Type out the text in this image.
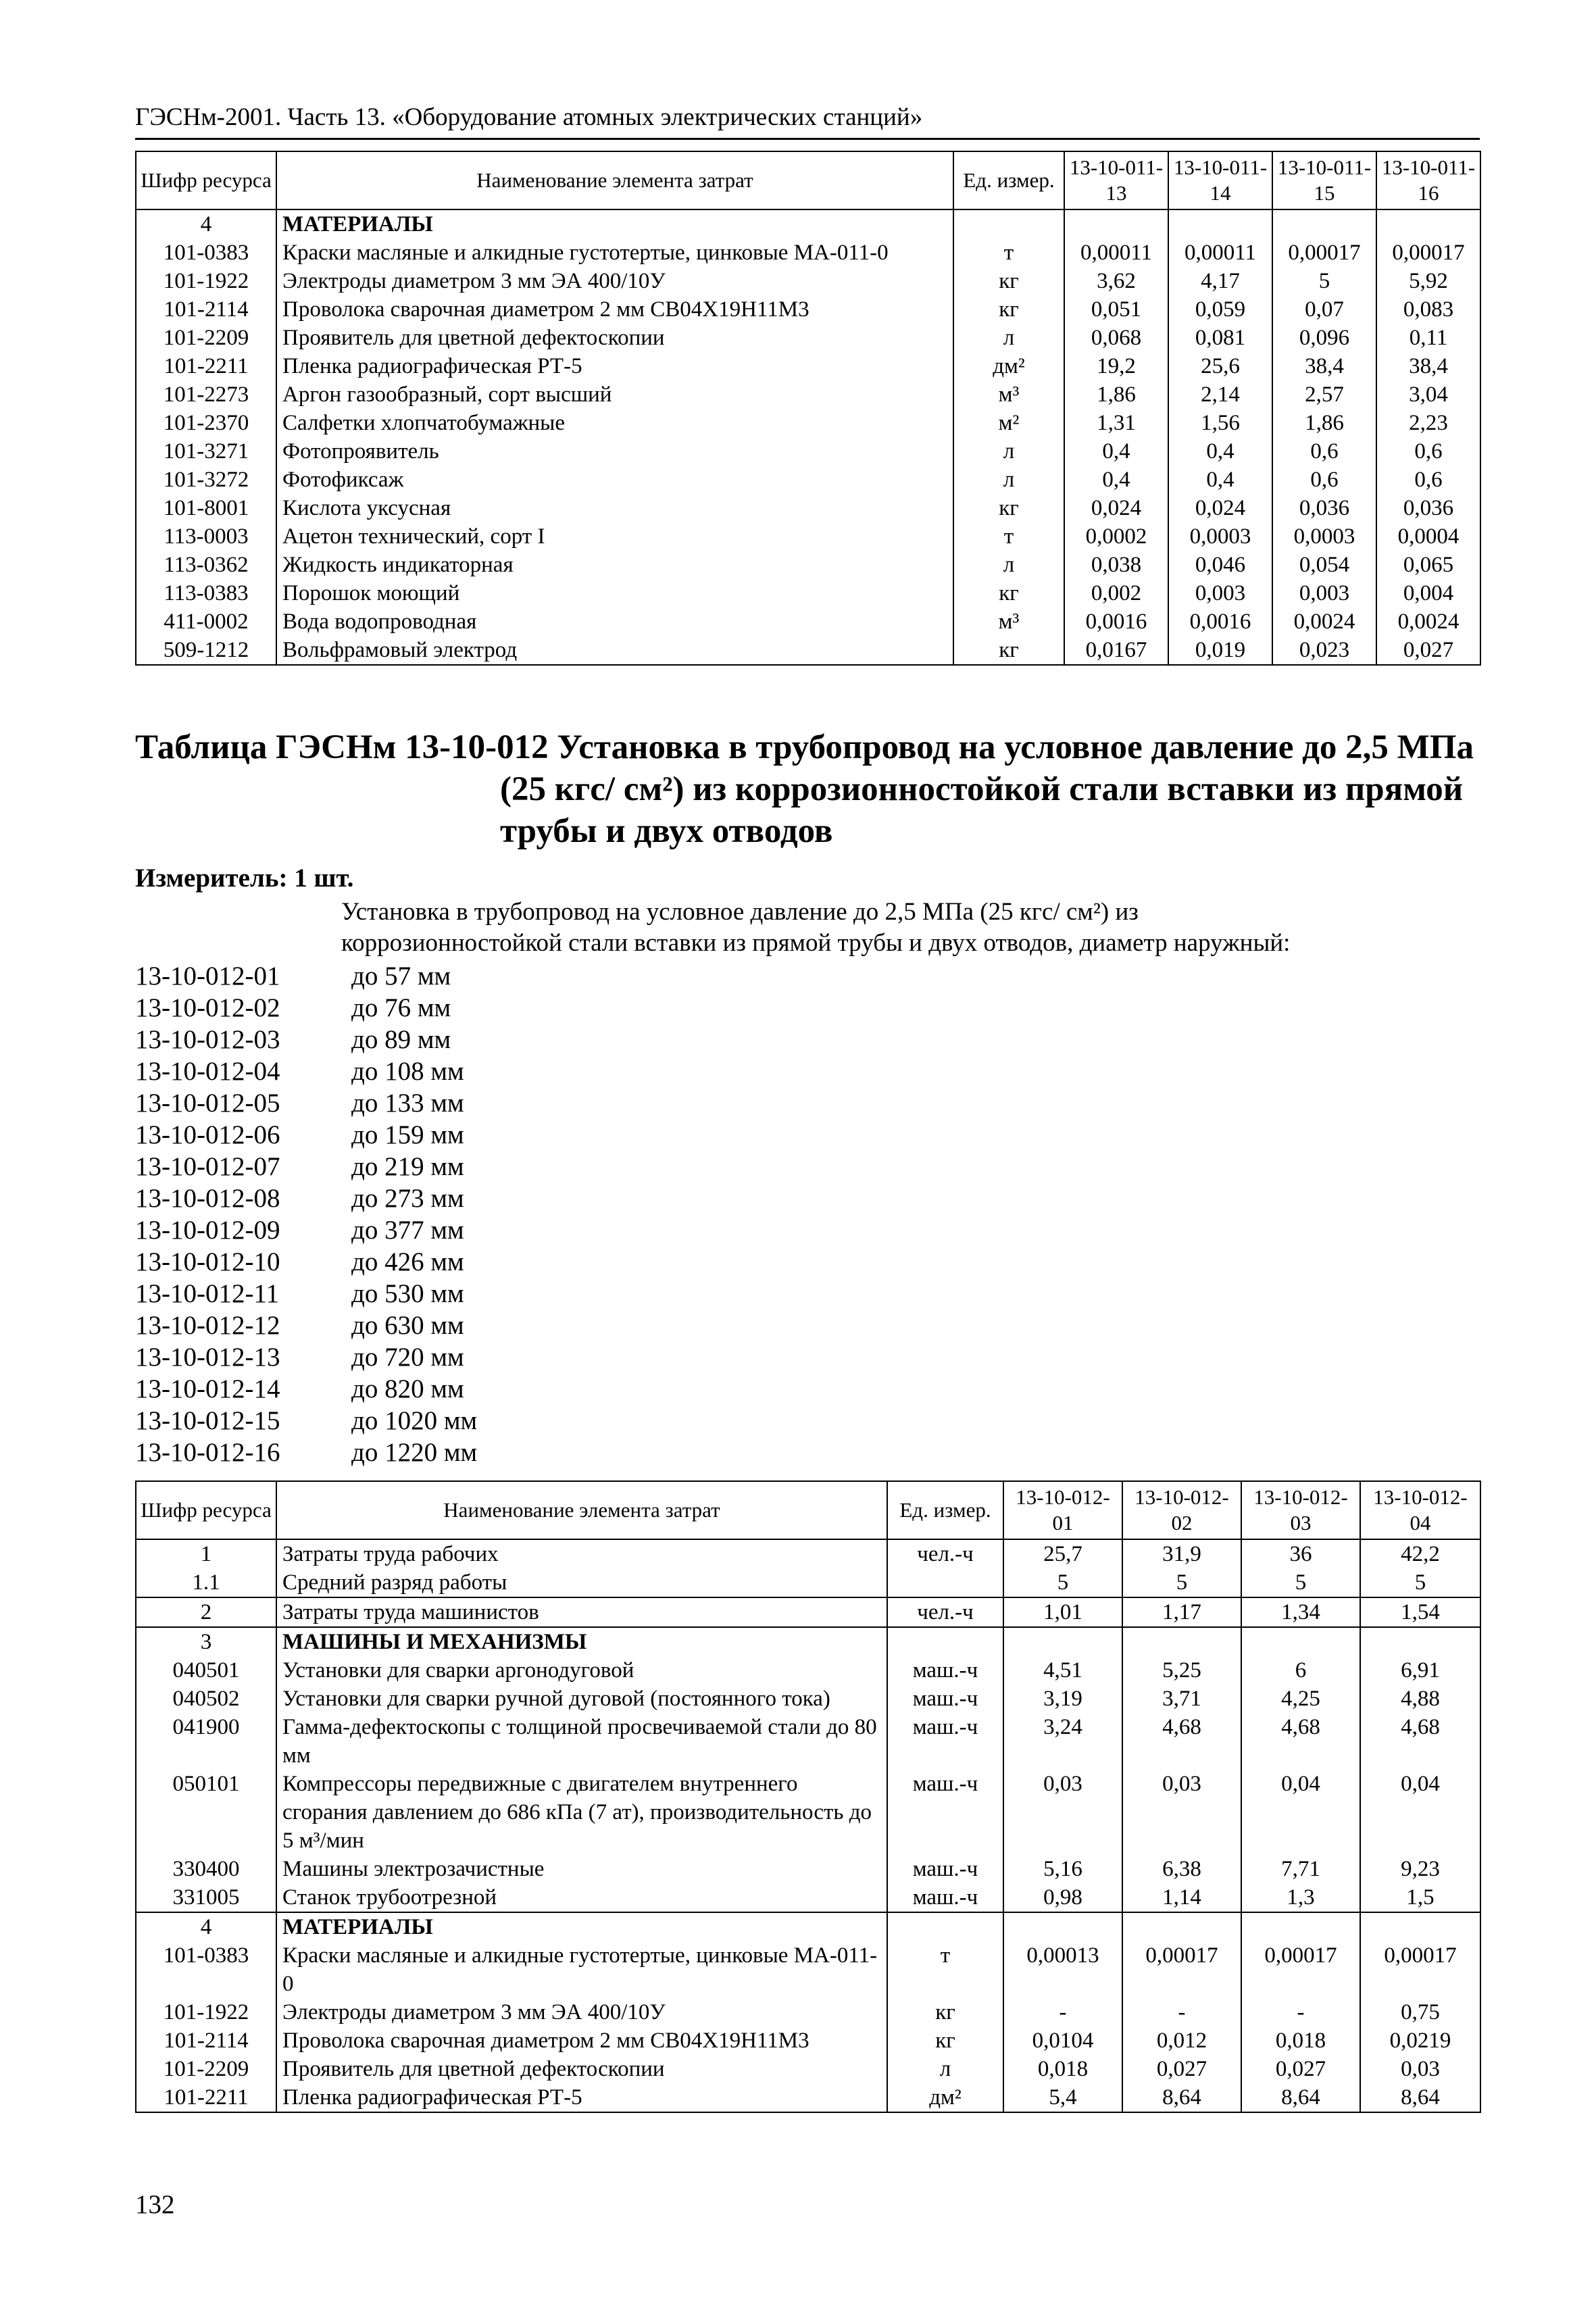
ГЭСНм-2001. Часть 13. «Оборудование атомных электрических станций»
Шифр ресурса	Наименование элемента затрат	Ед. измер.	13-10-011-13	13-10-011-14	13-10-011-15	13-10-011-16
4	МАТЕРИАЛЫ					
101-0383	Краски масляные и алкидные густотертые, цинковые МА-011-0	т	0,00011	0,00011	0,00017	0,00017
101-1922	Электроды диаметром 3 мм ЭА 400/10У	кг	3,62	4,17	5	5,92
101-2114	Проволока сварочная диаметром 2 мм СВ04Х19Н11М3	кг	0,051	0,059	0,07	0,083
101-2209	Проявитель для цветной дефектоскопии	л	0,068	0,081	0,096	0,11
101-2211	Пленка радиографическая РТ-5	дм²	19,2	25,6	38,4	38,4
101-2273	Аргон газообразный, сорт высший	м³	1,86	2,14	2,57	3,04
101-2370	Салфетки хлопчатобумажные	м²	1,31	1,56	1,86	2,23
101-3271	Фотопроявитель	л	0,4	0,4	0,6	0,6
101-3272	Фотофиксаж	л	0,4	0,4	0,6	0,6
101-8001	Кислота уксусная	кг	0,024	0,024	0,036	0,036
113-0003	Ацетон технический, сорт I	т	0,0002	0,0003	0,0003	0,0004
113-0362	Жидкость индикаторная	л	0,038	0,046	0,054	0,065
113-0383	Порошок моющий	кг	0,002	0,003	0,003	0,004
411-0002	Вода водопроводная	м³	0,0016	0,0016	0,0024	0,0024
509-1212	Вольфрамовый электрод	кг	0,0167	0,019	0,023	0,027
Таблица ГЭСНм 13-10-012 Установка в трубопровод на условное давление до 2,5 МПа
(25 кгс/ см²) из коррозионностойкой стали вставки из прямой
трубы и двух отводов
Измеритель: 1 шт.
Установка в трубопровод на условное давление до 2,5 МПа (25 кгс/ см²) из
коррозионностойкой стали вставки из прямой трубы и двух отводов, диаметр наружный:
13-10-012-01	до 57 мм
13-10-012-02	до 76 мм
13-10-012-03	до 89 мм
13-10-012-04	до 108 мм
13-10-012-05	до 133 мм
13-10-012-06	до 159 мм
13-10-012-07	до 219 мм
13-10-012-08	до 273 мм
13-10-012-09	до 377 мм
13-10-012-10	до 426 мм
13-10-012-11	до 530 мм
13-10-012-12	до 630 мм
13-10-012-13	до 720 мм
13-10-012-14	до 820 мм
13-10-012-15	до 1020 мм
13-10-012-16	до 1220 мм
Шифр ресурса	Наименование элемента затрат	Ед. измер.	13-10-012-01	13-10-012-02	13-10-012-03	13-10-012-04
1	Затраты труда рабочих	чел.-ч	25,7	31,9	36	42,2
1.1	Средний разряд работы		5	5	5	5
2	Затраты труда машинистов	чел.-ч	1,01	1,17	1,34	1,54
3	МАШИНЫ И МЕХАНИЗМЫ					
040501	Установки для сварки аргонодуговой	маш.-ч	4,51	5,25	6	6,91
040502	Установки для сварки ручной дуговой (постоянного тока)	маш.-ч	3,19	3,71	4,25	4,88
041900	Гамма-дефектоскопы с толщиной просвечиваемой стали до 80 мм	маш.-ч	3,24	4,68	4,68	4,68
050101	Компрессоры передвижные с двигателем внутреннего сгорания давлением до 686 кПа (7 ат), производительность до 5 м³/мин	маш.-ч	0,03	0,03	0,04	0,04
330400	Машины электрозачистные	маш.-ч	5,16	6,38	7,71	9,23
331005	Станок трубоотрезной	маш.-ч	0,98	1,14	1,3	1,5
4	МАТЕРИАЛЫ					
101-0383	Краски масляные и алкидные густотертые, цинковые МА-011-0	т	0,00013	0,00017	0,00017	0,00017
101-1922	Электроды диаметром 3 мм ЭА 400/10У	кг	-	-	-	0,75
101-2114	Проволока сварочная диаметром 2 мм СВ04Х19Н11М3	кг	0,0104	0,012	0,018	0,0219
101-2209	Проявитель для цветной дефектоскопии	л	0,018	0,027	0,027	0,03
101-2211	Пленка радиографическая РТ-5	дм²	5,4	8,64	8,64	8,64
132
